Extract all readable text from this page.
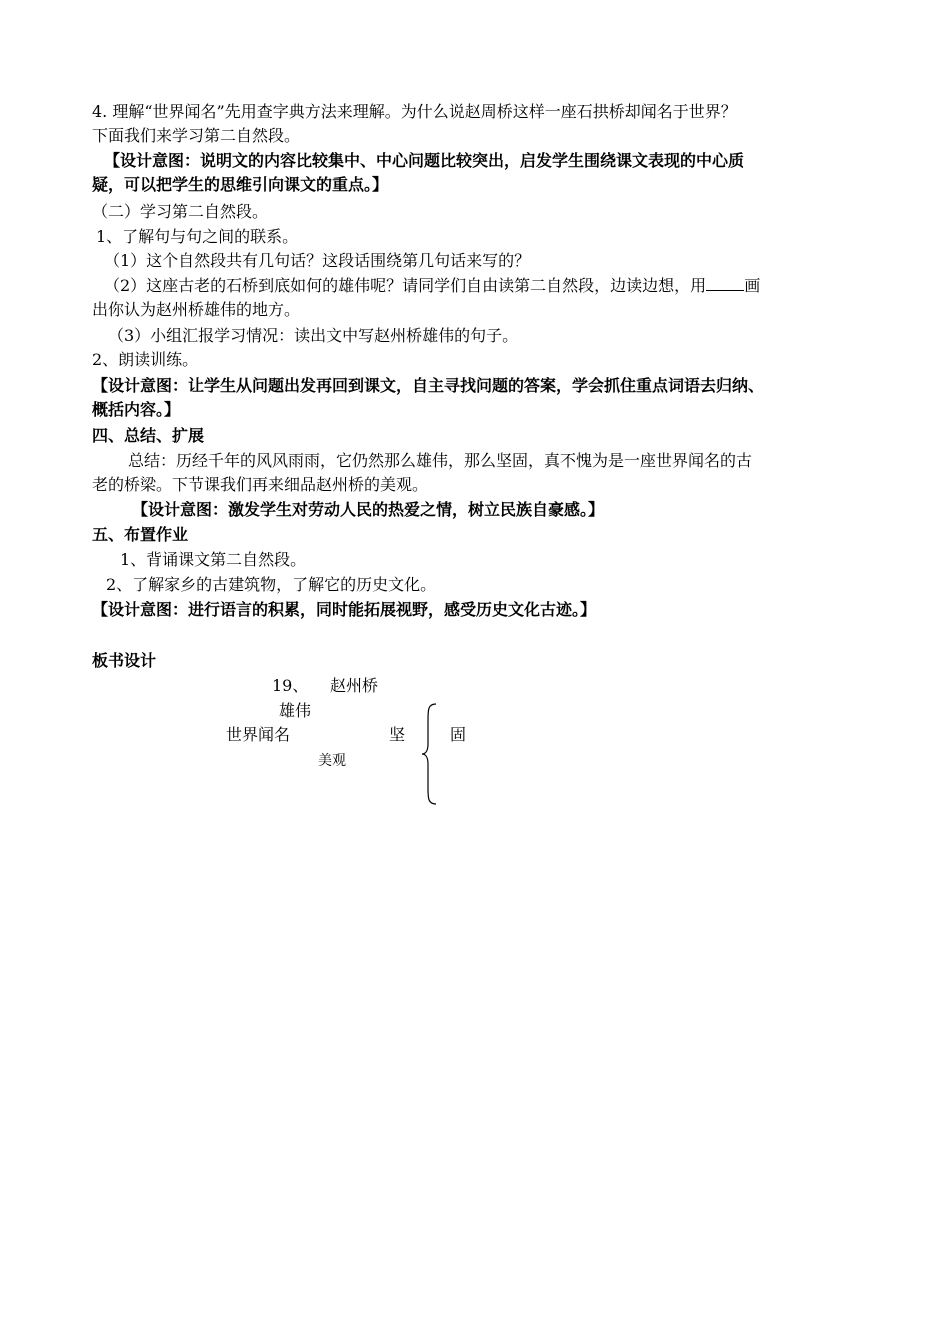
4. 理解“世界闻名”先用查字典方法来理解。为什么说赵周桥这样一座石拱桥却闻名于世界？
下面我们来学习第二自然段。
【设计意图：说明文的内容比较集中、中心问题比较突出，启发学生围绕课文表现的中心质
疑，可以把学生的思维引向课文的重点。】
（二）学习第二自然段。
1、了解句与句之间的联系。
（1）这个自然段共有几句话？这段话围绕第几句话来写的？
（2）这座古老的石桥到底如何的雄伟呢？请同学们自由读第二自然段，边读边想，用 画
出你认为赵州桥雄伟的地方。
（3）小组汇报学习情况：读出文中写赵州桥雄伟的句子。
2、朗读训练。
【设计意图：让学生从问题出发再回到课文，自主寻找问题的答案，学会抓住重点词语去归纳、
概括内容。】
四、总结、扩展
总结：历经千年的风风雨雨，它仍然那么雄伟，那么坚固，真不愧为是一座世界闻名的古
老的桥梁。下节课我们再来细品赵州桥的美观。
【设计意图：激发学生对劳动人民的热爱之情，树立民族自豪感。】
五、布置作业
1、背诵课文第二自然段。
2、了解家乡的古建筑物，了解它的历史文化。
【设计意图：进行语言的积累，同时能拓展视野，感受历史文化古迹。】
板书设计
19、 赵州桥
雄伟
世界闻名	坚	固
美观
